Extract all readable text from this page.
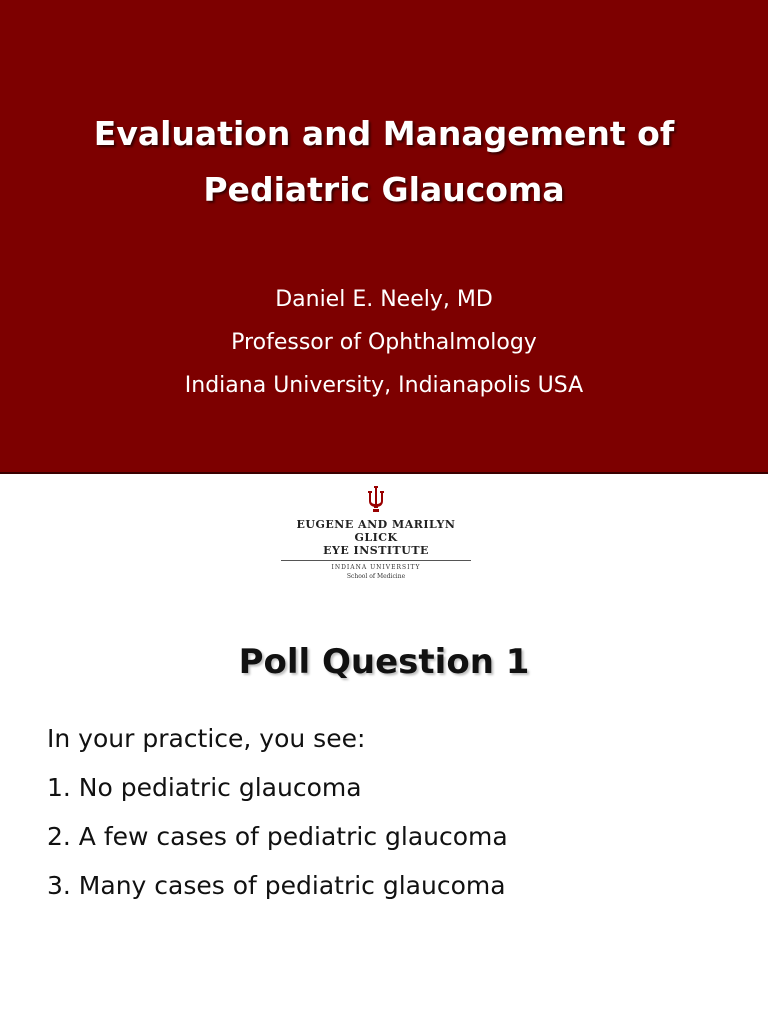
Evaluation and Management of
Pediatric Glaucoma
Daniel E. Neely, MD
Professor of Ophthalmology
Indiana University, Indianapolis USA
EUGENE AND MARILYN GLICK
EYE INSTITUTE
INDIANA UNIVERSITY
School of Medicine
Poll Question 1
In your practice, you see:
1. No pediatric glaucoma
2. A few cases of pediatric glaucoma
3. Many cases of pediatric glaucoma
